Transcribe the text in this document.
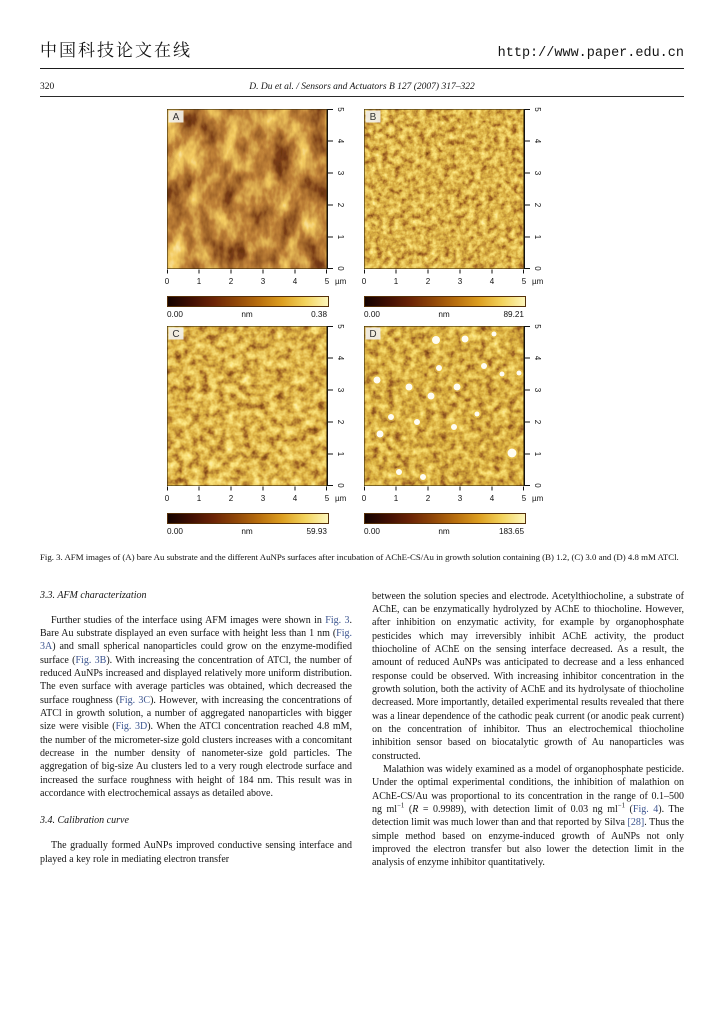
中国科技论文在线	http://www.paper.edu.cn
320	D. Du et al. / Sensors and Actuators B 127 (2007) 317–322
A
0
1
2
3
4
5
0	1	2	3	4	5 µm
0.00	nm	0.38
B
0
1
2
3
4
5
0	1	2	3	4	5 µm
0.00	nm	89.21
C
0
1
2
3
4
5
0	1	2	3	4	5 µm
0.00	nm	59.93
D
0
1
2
3
4
5
0	1	2	3	4	5 µm
0.00	nm	183.65
Fig. 3. AFM images of (A) bare Au substrate and the different AuNPs surfaces after incubation of AChE-CS/Au in growth solution containing (B) 1.2, (C) 3.0 and (D) 4.8 mM ATCl.
3.3. AFM characterization

Further studies of the interface using AFM images were shown in Fig. 3. Bare Au substrate displayed an even surface with height less than 1 nm (Fig. 3A) and small spherical nanoparticles could grow on the enzyme-modified surface (Fig. 3B). With increasing the concentration of ATCl, the number of reduced AuNPs increased and displayed relatively more uniform distribution. The even surface with average particles was obtained, which decreased the surface roughness (Fig. 3C). However, with increasing the concentrations of ATCl in growth solution, a number of aggregated nanoparticles with bigger size were visible (Fig. 3D). When the ATCl concentration reached 4.8 mM, the number of the micrometer-size gold clusters increases with a concomitant decrease in the number density of nanometer-size gold particles. The aggregation of big-size Au clusters led to a very rough electrode surface and increased the surface roughness with height of 184 nm. This result was in accordance with electrochemical assays as detailed above.

3.4. Calibration curve

The gradually formed AuNPs improved conductive sensing interface and played a key role in mediating electron transfer

between the solution species and electrode. Acetylthiocholine, a substrate of AChE, can be enzymatically hydrolyzed by AChE to thiocholine. However, after inhibition on enzymatic activity, for example by organophosphate pesticides which may irreversibly inhibit AChE activity, the product thiocholine of AChE on the sensing interface decreased. As a result, the amount of reduced AuNPs was anticipated to decrease and a less enhanced response could be observed. With increasing inhibitor concentration in the growth solution, both the activity of AChE and its hydrolysate of thiocholine decreased. More importantly, detailed experimental results revealed that there was a linear dependence of the cathodic peak current (or anodic peak current) on the concentration of inhibitor. Thus an electrochemical thiocholine inhibition sensor based on biocatalytic growth of Au nanoparticles was constructed.

Malathion was widely examined as a model of organophosphate pesticide. Under the optimal experimental conditions, the inhibition of malathion on AChE-CS/Au was proportional to its concentration in the range of 0.1–500 ng $ml^{-1}$ (R = 0.9989), with detection limit of 0.03 ng $ml^{-1}$ (Fig. 4). The detection limit was much lower than and that reported by Silva [28]. Thus the simple method based on enzyme-induced growth of AuNPs not only improved the electron transfer but also lower the detection limit in the analysis of enzyme inhibitor quantitatively.
